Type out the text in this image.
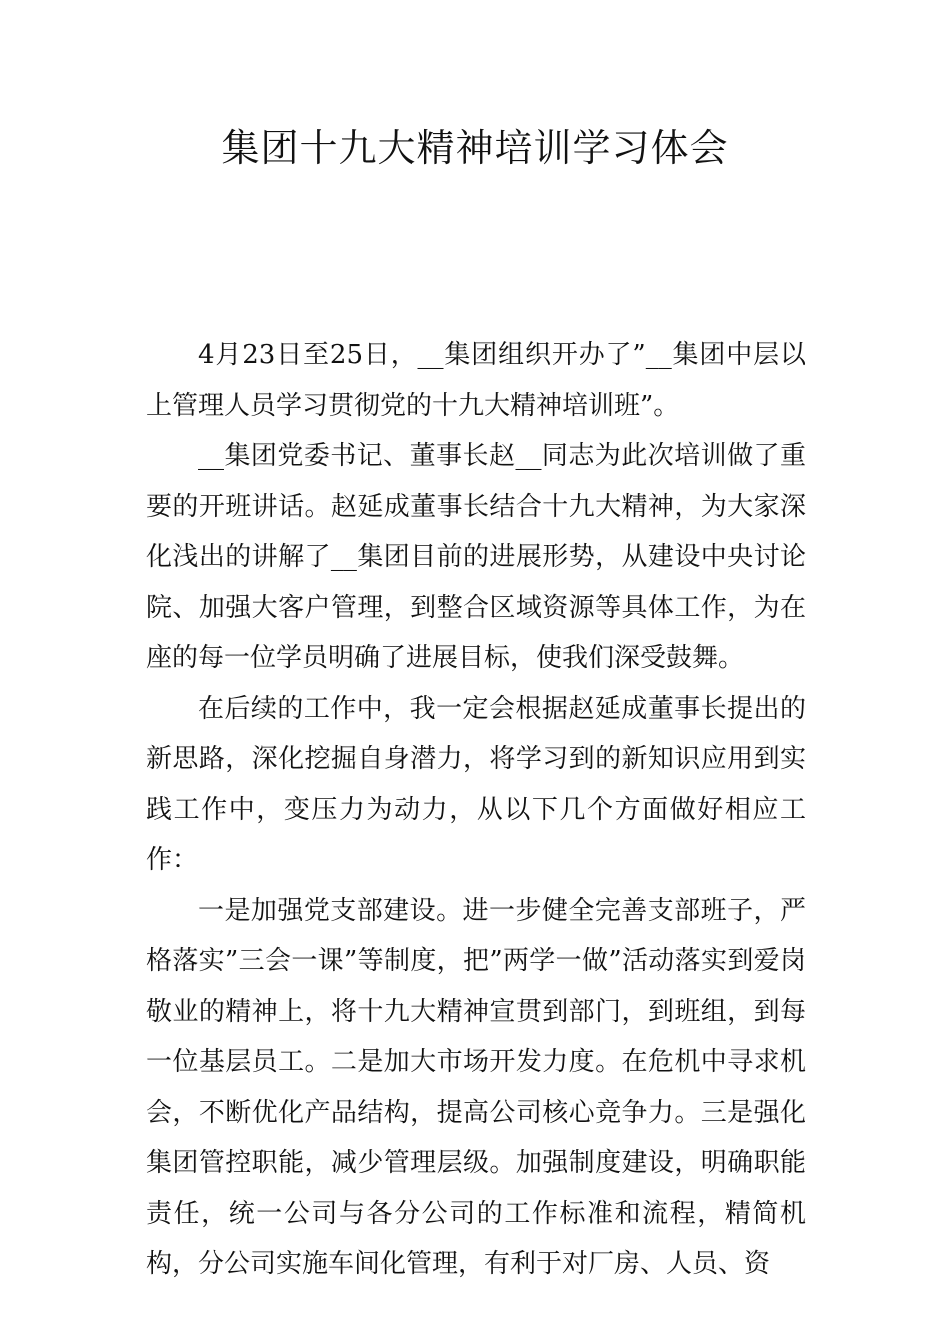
集团十九大精神培训学习体会

4月23日至25日，__集团组织开办了”__集团中层以上管理人员学习贯彻党的十九大精神培训班”。

__集团党委书记、董事长赵__同志为此次培训做了重要的开班讲话。赵延成董事长结合十九大精神，为大家深化浅出的讲解了__集团目前的进展形势，从建设中央讨论院、加强大客户管理，到整合区域资源等具体工作，为在座的每一位学员明确了进展目标，使我们深受鼓舞。

在后续的工作中，我一定会根据赵延成董事长提出的新思路，深化挖掘自身潜力，将学习到的新知识应用到实践工作中，变压力为动力，从以下几个方面做好相应工作：

一是加强党支部建设。进一步健全完善支部班子，严格落实”三会一课”等制度，把”两学一做”活动落实到爱岗敬业的精神上，将十九大精神宣贯到部门，到班组，到每一位基层员工。二是加大市场开发力度。在危机中寻求机会，不断优化产品结构，提高公司核心竞争力。三是强化集团管控职能，减少管理层级。加强制度建设，明确职能责任，统一公司与各分公司的工作标准和流程，精简机构，分公司实施车间化管理，有利于对厂房、人员、资
